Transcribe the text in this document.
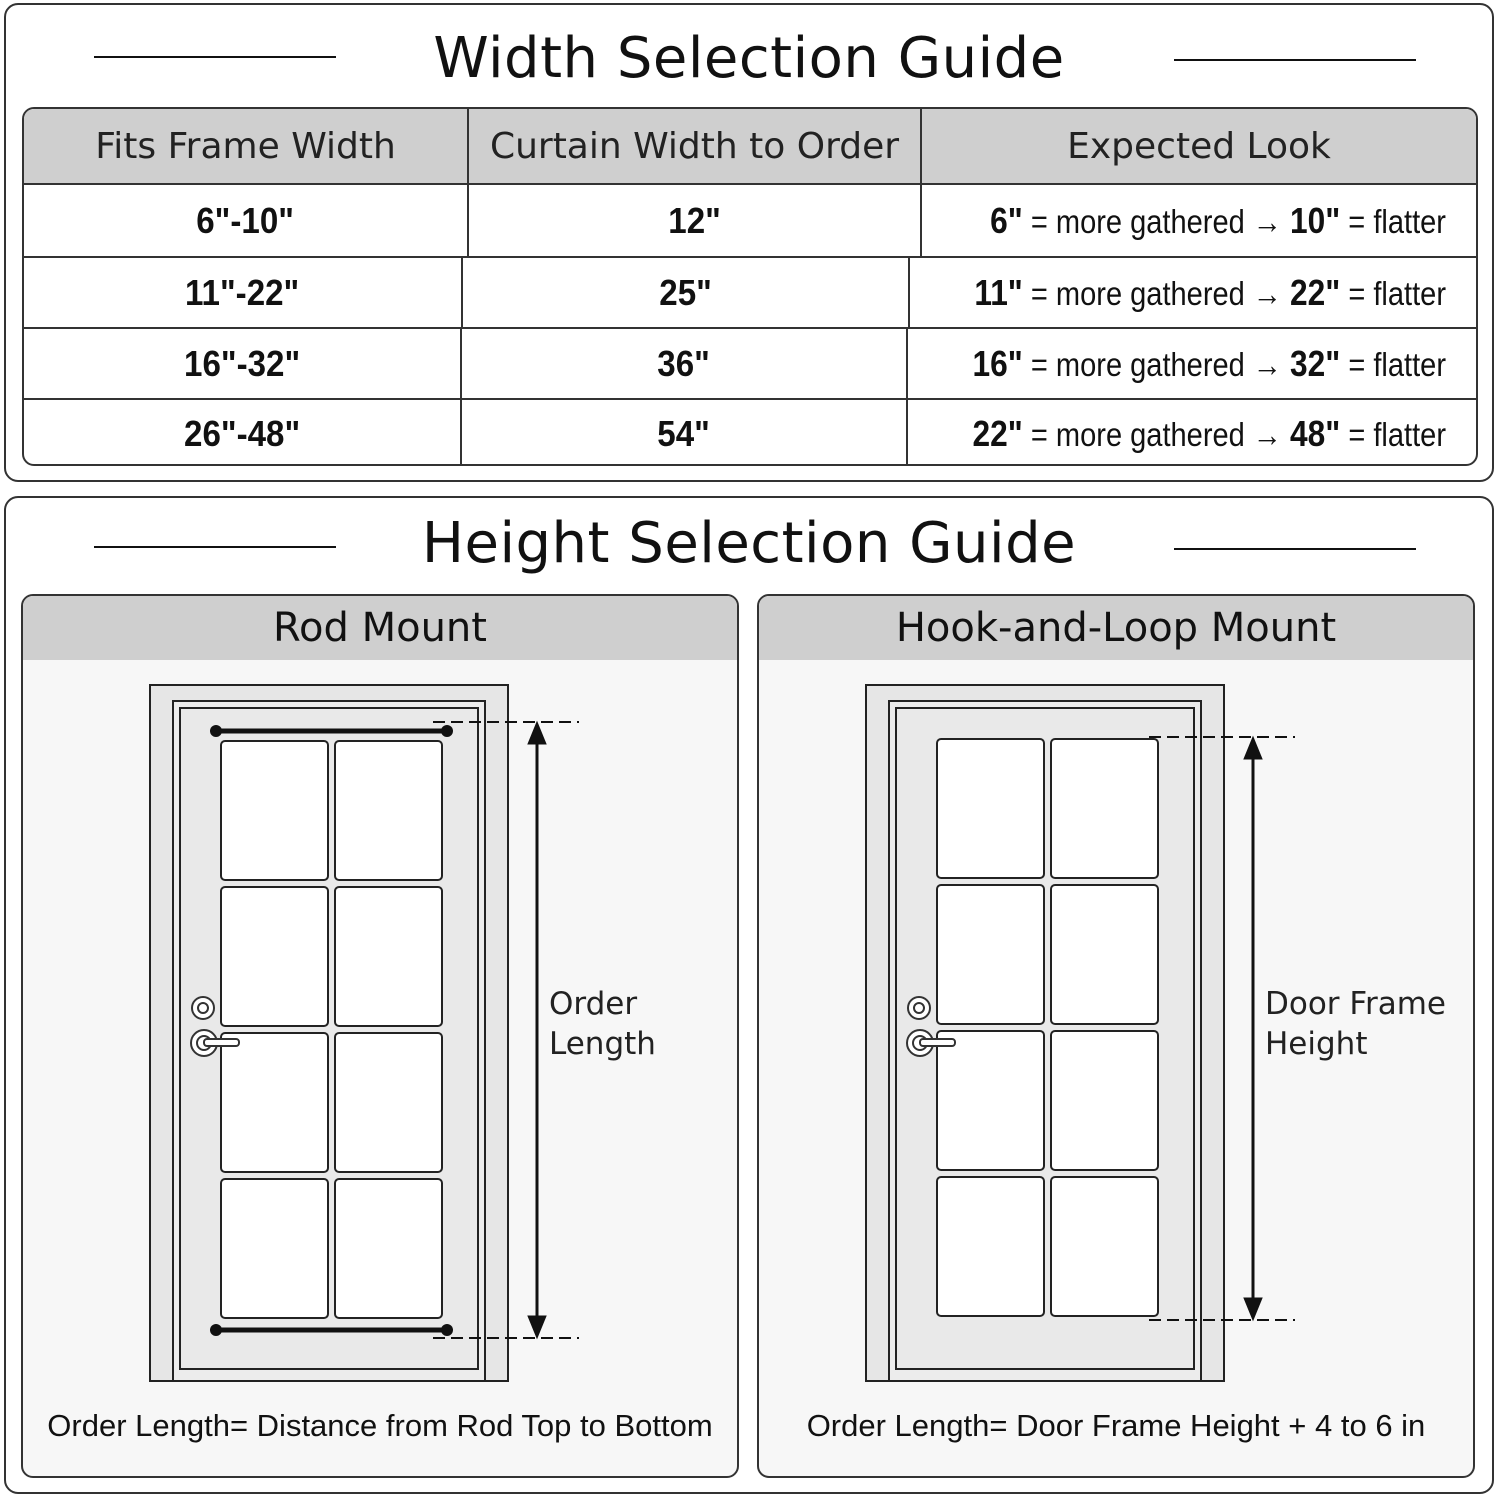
Width Selection Guide
Fits Frame Width	Curtain Width to Order	Expected Look
6"-10"	12"	6" = more gathered → 10" = flatter
11"-22"	25"	11" = more gathered → 22" = flatter
16"-32"	36"	16" = more gathered → 32" = flatter
26"-48"	54"	22" = more gathered → 48" = flatter
Height Selection Guide
Rod Mount
Order
Length
Order Length= Distance from Rod Top to Bottom
Hook-and-Loop Mount
Door Frame
Height
Order Length= Door Frame Height + 4 to 6 in
